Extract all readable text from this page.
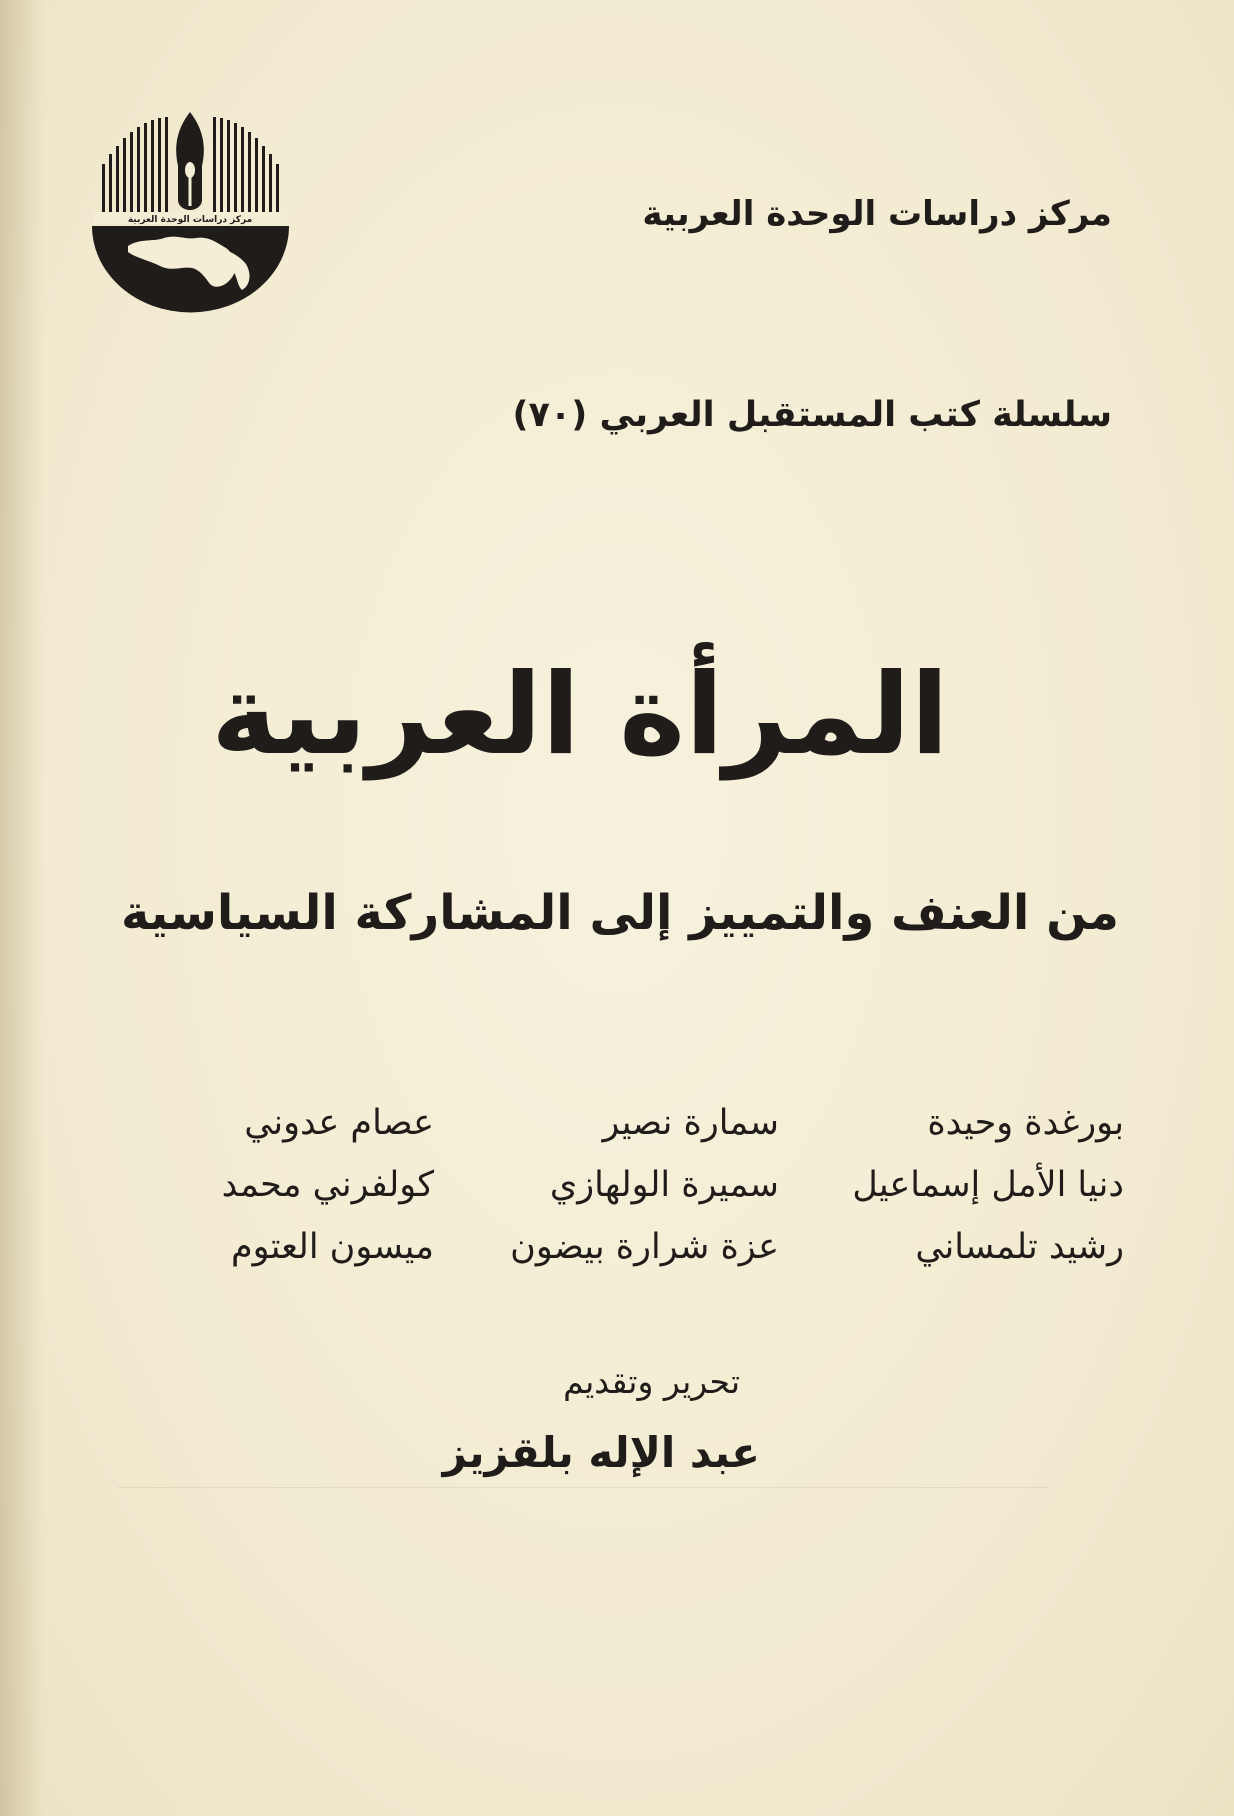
مركز دراسات الوحدة العربية	مركز دراسات الوحدة العربية
سلسلة كتب المستقبل العربي (٧٠)
المرأة العربية
من العنف والتمييز إلى المشاركة السياسية
بورغدة وحيدة
دنيا الأمل إسماعيل
رشيد تلمساني
سمارة نصير
سميرة الولهازي
عزة شرارة بيضون
عصام عدوني
كولفرني محمد
ميسون العتوم
تحرير وتقديم
عبد الإله بلقزيز
